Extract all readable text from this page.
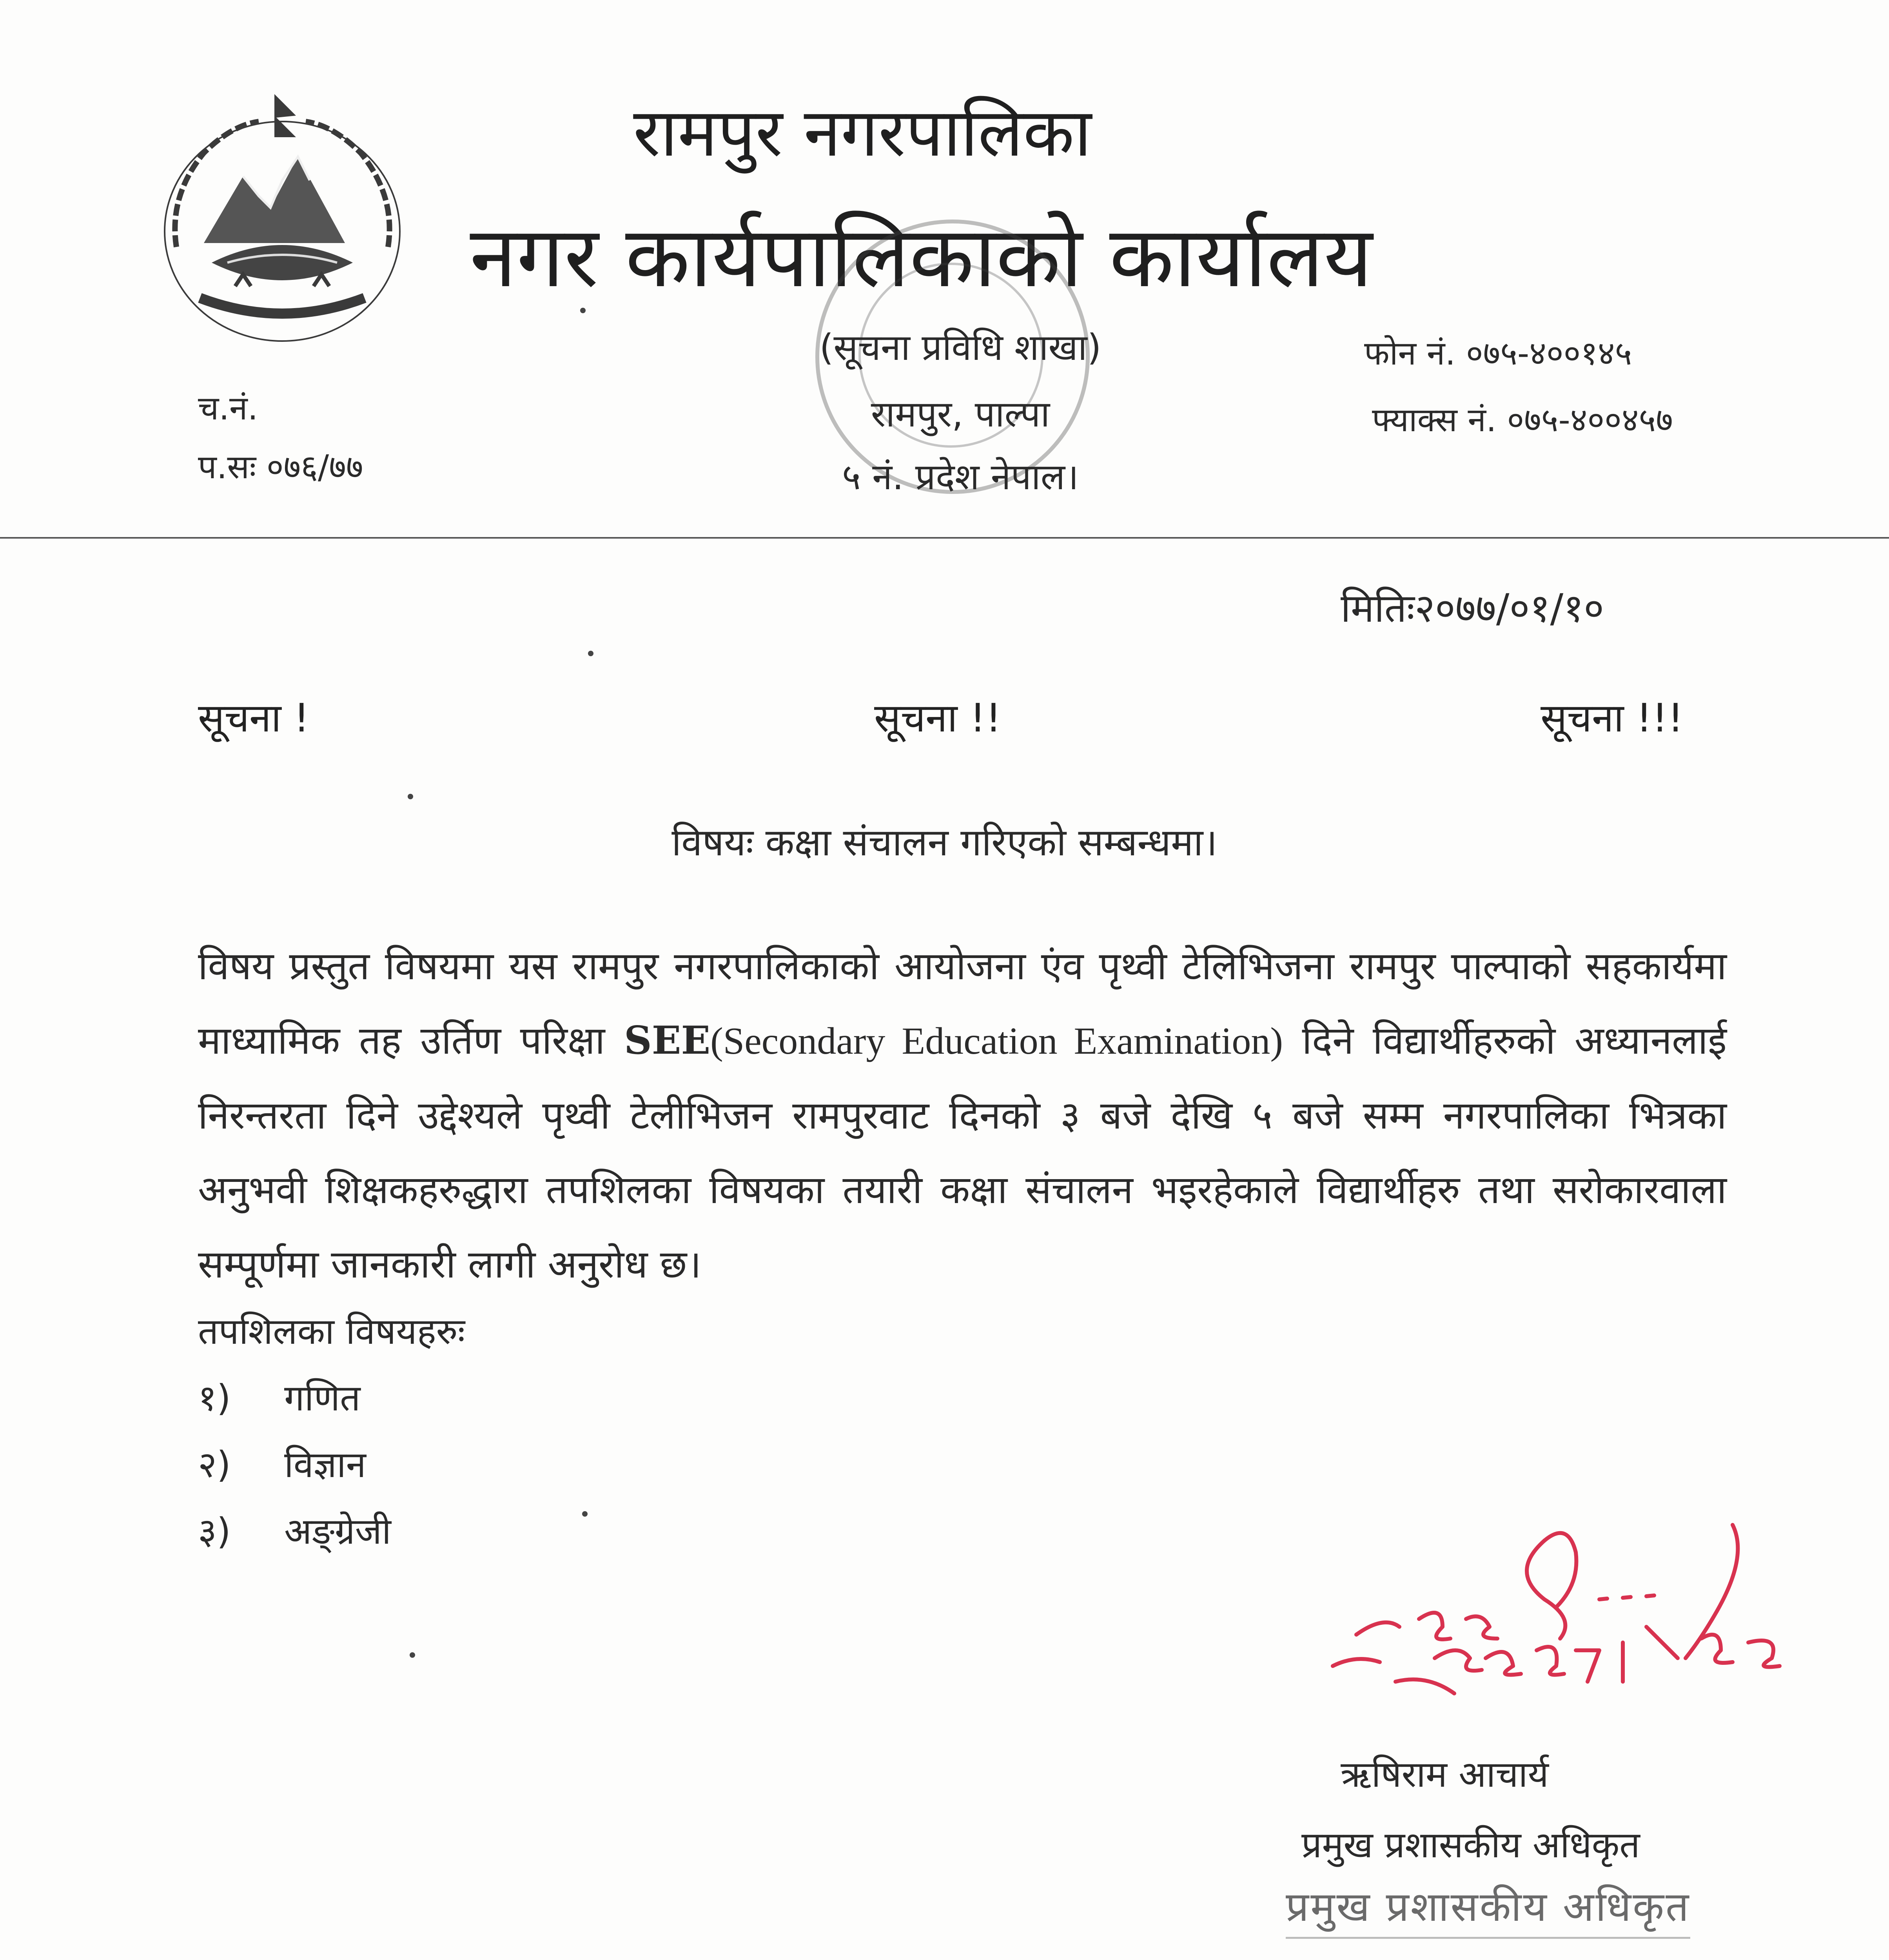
रामपुर नगरपालिका
नगर कार्यपालिकाको कार्यालय
(सूचना प्रविधि शाखा)
रामपुर, पाल्पा
५ नं. प्रदेश नेपाल।
च.नं.
प.सः ०७६/७७
फोन नं. ०७५-४००१४५
फ्याक्स नं. ०७५-४००४५७
मितिः२०७७/०१/१०
सूचना !	सूचना !!	सूचना !!!
विषयः कक्षा संचालन गरिएको सम्बन्धमा।
विषय प्रस्तुत विषयमा यस रामपुर नगरपालिकाको आयोजना एंव पृथ्वी टेलिभिजना रामपुर पाल्पाको सहकार्यमा माध्यामिक तह उर्तिण परिक्षा SEE(Secondary Education Examination) दिने विद्यार्थीहरुको अध्यानलाई निरन्तरता दिने उद्देश्यले पृथ्वी टेलीभिजन रामपुरवाट दिनको ३ बजे देखि ५ बजे सम्म नगरपालिका भित्रका अनुभवी शिक्षकहरुद्धारा तपशिलका विषयका तयारी कक्षा संचालन भइरहेकाले विद्यार्थीहरु तथा सरोकारवाला सम्पूर्णमा जानकारी लागी अनुरोध छ।
तपशिलका विषयहरुः
१) गणित
२) विज्ञान
३) अङ्ग्रेजी
ऋषिराम आचार्य
प्रमुख प्रशासकीय अधिकृत
प्रमुख प्रशासकीय अधिकृत
